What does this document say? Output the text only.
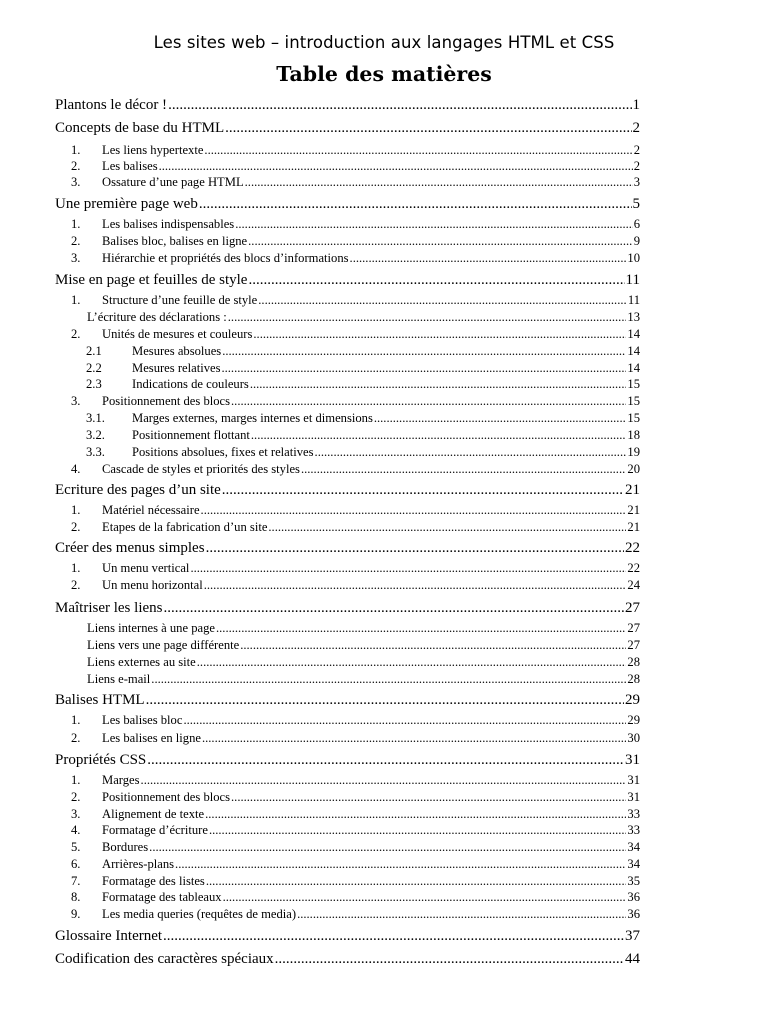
Les sites web – introduction aux langages HTML et CSS
Table des matières
Plantons le décor ! .....	1
Concepts de base du HTML .....	2
1.	Les liens hypertexte .....	2
2.	Les balises .....	2
3.	Ossature d’une page HTML .....	3
Une première page web .....	5
1.	Les balises indispensables .....	6
2.	Balises bloc, balises en ligne .....	9
3.	Hiérarchie et propriétés des blocs d’informations .....	10
Mise en page et feuilles de style .....	11
1.	Structure d’une feuille de style .....	11
L’écriture des déclarations : .....	13
2.	Unités de mesures et couleurs .....	14
2.1	Mesures absolues .....	14
2.2	Mesures relatives .....	14
2.3	Indications de couleurs .....	15
3.	Positionnement des blocs .....	15
3.1.	Marges externes, marges internes et dimensions .....	15
3.2.	Positionnement flottant .....	18
3.3.	Positions absolues, fixes et relatives .....	19
4.	Cascade de styles et priorités des styles .....	20
Ecriture des pages d’un site .....	21
1.	Matériel nécessaire .....	21
2.	Etapes de la fabrication d’un site .....	21
Créer des menus simples .....	22
1.	Un menu vertical .....	22
2.	Un menu horizontal .....	24
Maîtriser les liens .....	27
Liens internes à une page .....	27
Liens vers une page différente .....	27
Liens externes au site .....	28
Liens e-mail .....	28
Balises HTML .....	29
1.	Les balises bloc .....	29
2.	Les balises en ligne .....	30
Propriétés CSS .....	31
1.	Marges .....	31
2.	Positionnement des blocs .....	31
3.	Alignement de texte .....	33
4.	Formatage d’écriture .....	33
5.	Bordures .....	34
6.	Arrières-plans .....	34
7.	Formatage des listes .....	35
8.	Formatage des tableaux .....	36
9.	Les media queries (requêtes de media) .....	36
Glossaire Internet .....	37
Codification des caractères spéciaux .....	44
